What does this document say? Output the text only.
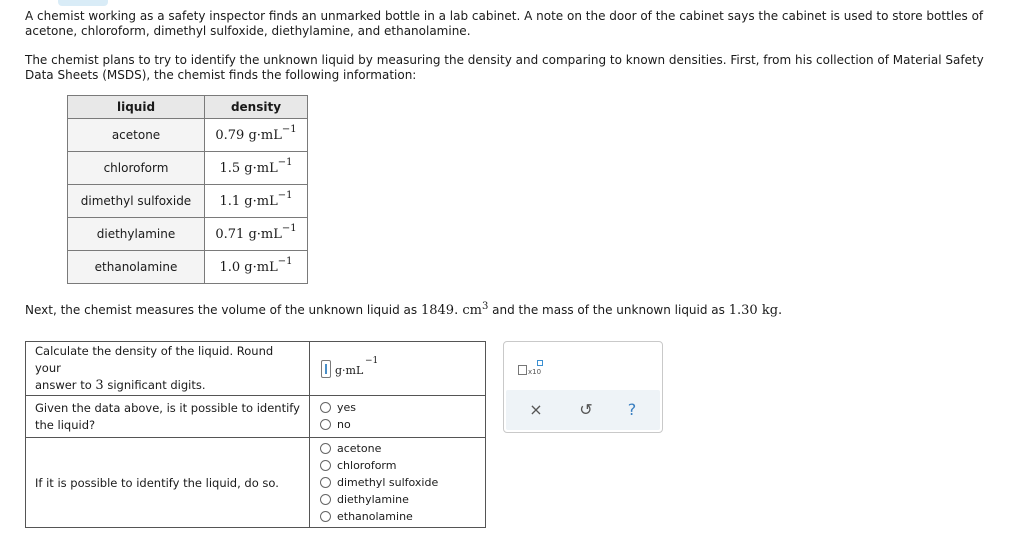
A chemist working as a safety inspector finds an unmarked bottle in a lab cabinet. A note on the door of the cabinet says the cabinet is used to store bottles of
acetone, chloroform, dimethyl sulfoxide, diethylamine, and ethanolamine.

The chemist plans to try to identify the unknown liquid by measuring the density and comparing to known densities. First, from his collection of Material Safety
Data Sheets (MSDS), the chemist finds the following information:

liquid	density
acetone	0.79 $g\cdot mL^{-1}$
chloroform	1.5 $g\cdot mL^{-1}$
dimethyl sulfoxide	1.1 $g\cdot mL^{-1}$
diethylamine	0.71 $g\cdot mL^{-1}$
ethanolamine	1.0 $g\cdot mL^{-1}$

Next, the chemist measures the volume of the unknown liquid as 1849. $cm^3$ and the mass of the unknown liquid as 1.30 kg.

Calculate the density of the liquid. Round your
answer to 3 significant digits.
g·mL
−1
Given the data above, is it possible to identify the liquid?
yes
no
If it is possible to identify the liquid, do so.
acetone
chloroform
dimethyl sulfoxide
diethylamine
ethanolamine
x10
× ↺	?
